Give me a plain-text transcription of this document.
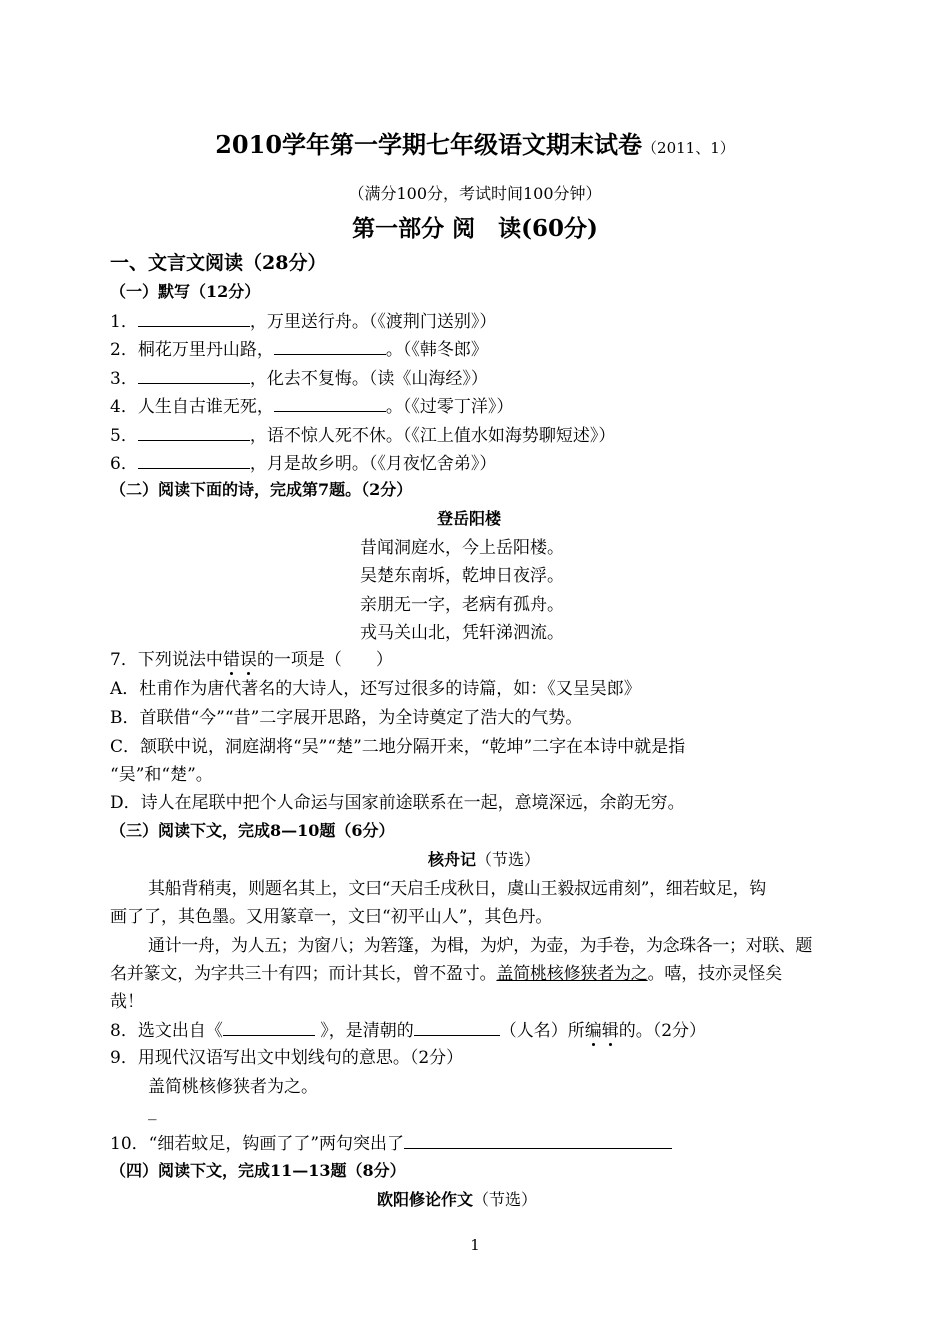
2010学年第一学期七年级语文期末试卷（2011、1）
（满分100分，考试时间100分钟）
第一部分 阅　读(60分)
一、文言文阅读（28分）
（一）默写（12分）
1．	，万里送行舟。（《渡荆门送别》）
2．桐花万里丹山路，	。（《韩冬郎》
3．	，化去不复悔。（读《山海经》）
4．人生自古谁无死，	。（《过零丁洋》）
5．	，语不惊人死不休。（《江上值水如海势聊短述》）
6．	，月是故乡明。（《月夜忆舍弟》）
（二）阅读下面的诗，完成第7题。（2分）
登岳阳楼
昔闻洞庭水，今上岳阳楼。
吴楚东南坼，乾坤日夜浮。
亲朋无一字，老病有孤舟。
戎马关山北，凭轩涕泗流。
7．下列说法中错误的一项是（　　）
A．杜甫作为唐代著名的大诗人，还写过很多的诗篇，如：《又呈吴郎》
B．首联借“今”“昔”二字展开思路，为全诗奠定了浩大的气势。
C．颔联中说，洞庭湖将“吴”“楚”二地分隔开来，“乾坤”二字在本诗中就是指
“吴”和“楚”。
D．诗人在尾联中把个人命运与国家前途联系在一起，意境深远，余韵无穷。
（三）阅读下文，完成8—10题（6分）
核舟记（节选）
其船背稍夷，则题名其上，文曰“天启壬戌秋日，虞山王毅叔远甫刻”，细若蚊足，钩
画了了，其色墨。又用篆章一，文曰“初平山人”，其色丹。
通计一舟，为人五；为窗八；为箬篷，为楫，为炉，为壶，为手卷，为念珠各一；对联、题
名并篆文，为字共三十有四；而计其长，曾不盈寸。盖简桃核修狭者为之。嘻，技亦灵怪矣
哉！
8．选文出自《	》，是清朝的	（人名）所编辑的。（2分）
9．用现代汉语写出文中划线句的意思。（2分）
盖简桃核修狭者为之。
_
10．“细若蚊足，钩画了了”两句突出了
（四）阅读下文，完成11—13题（8分）
欧阳修论作文（节选）
1
